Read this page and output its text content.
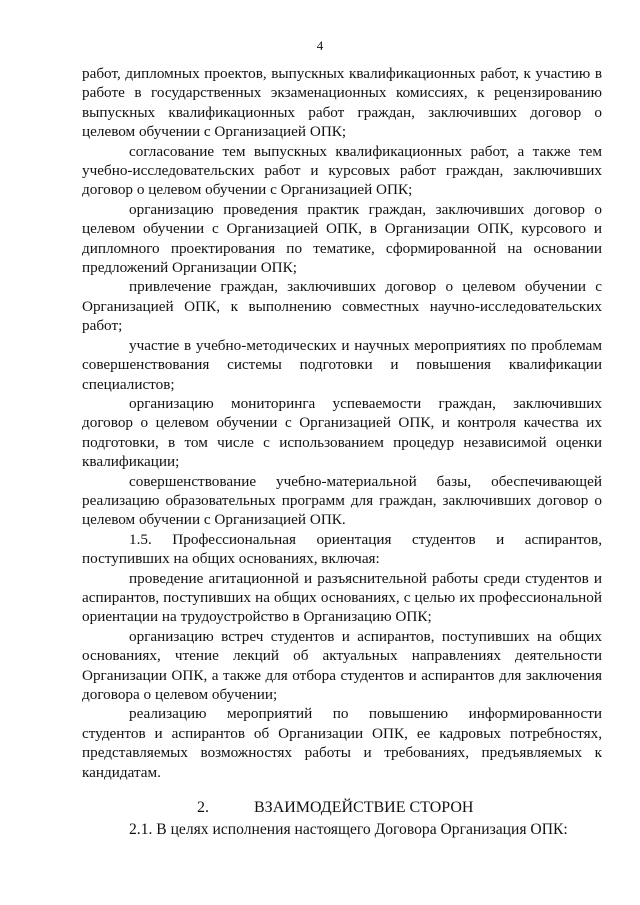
4

работ, дипломных проектов, выпускных квалификационных работ, к участию в работе в государственных экзаменационных комиссиях, к рецензированию выпускных квалификационных работ граждан, заключивших договор о целевом обучении с Организацией ОПК;

согласование тем выпускных квалификационных работ, а также тем учебно-исследовательских работ и курсовых работ граждан, заключивших договор о целевом обучении с Организацией ОПК;

организацию проведения практик граждан, заключивших договор о целевом обучении с Организацией ОПК, в Организации ОПК, курсового и дипломного проектирования по тематике, сформированной на основании предложений Организации ОПК;

привлечение граждан, заключивших договор о целевом обучении с Организацией ОПК, к выполнению совместных научно-исследовательских работ;

участие в учебно-методических и научных мероприятиях по проблемам совершенствования системы подготовки и повышения квалификации специалистов;

организацию мониторинга успеваемости граждан, заключивших договор о целевом обучении с Организацией ОПК, и контроля качества их подготовки, в том числе с использованием процедур независимой оценки квалификации;

совершенствование учебно-материальной базы, обеспечивающей реализацию образовательных программ для граждан, заключивших договор о целевом обучении с Организацией ОПК.

1.5. Профессиональная ориентация студентов и аспирантов, поступивших на общих основаниях, включая:

проведение агитационной и разъяснительной работы среди студентов и аспирантов, поступивших на общих основаниях, с целью их профессиональной ориентации на трудоустройство в Организацию ОПК;

организацию встреч студентов и аспирантов, поступивших на общих основаниях, чтение лекций об актуальных направлениях деятельности Организации ОПК, а также для отбора студентов и аспирантов для заключения договора о целевом обучении;

реализацию мероприятий по повышению информированности студентов и аспирантов об Организации ОПК, ее кадровых потребностях, представляемых возможностях работы и требованиях, предъявляемых к кандидатам.

2.	ВЗАИМОДЕЙСТВИЕ СТОРОН

2.1. В целях исполнения настоящего Договора Организация ОПК:
